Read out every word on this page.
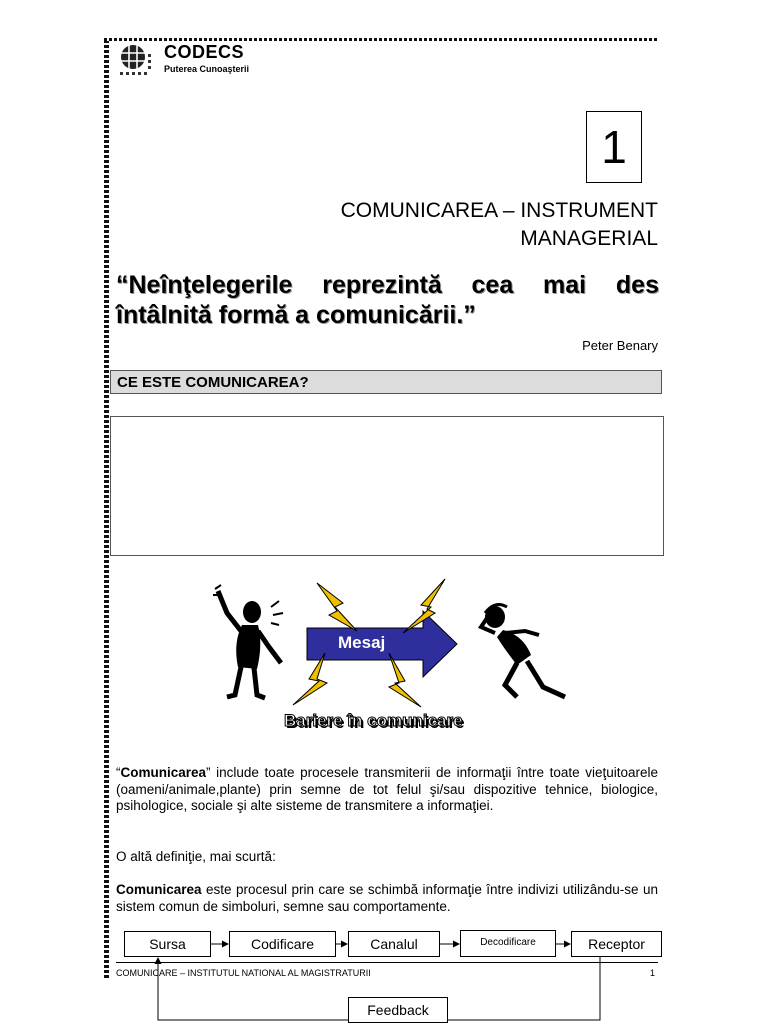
CODECS
Puterea Cunoaşterii
1
COMUNICAREA – INSTRUMENT
MANAGERIAL
“Neînţelegerile reprezintă cea mai des întâlnită formă a comunicării.”
Peter Benary
CE ESTE COMUNICAREA?
Mesaj
Bariere în comunicare
“Comunicarea” include toate procesele transmiterii de informaţii între toate vieţuitoarele (oameni/animale,plante) prin semne de tot felul şi/sau dispozitive tehnice, biologice, psihologice, sociale şi alte sisteme de transmitere a informaţiei.
O altă definiţie, mai scurtă:
Comunicarea este procesul prin care se schimbă informaţie între indivizi utilizându-se un sistem comun de simboluri, semne sau comportamente.
Sursa	Codificare	Canalul	Decodificare	Receptor
Feedback
COMUNICARE – INSTITUTUL NATIONAL AL MAGISTRATURII	1
